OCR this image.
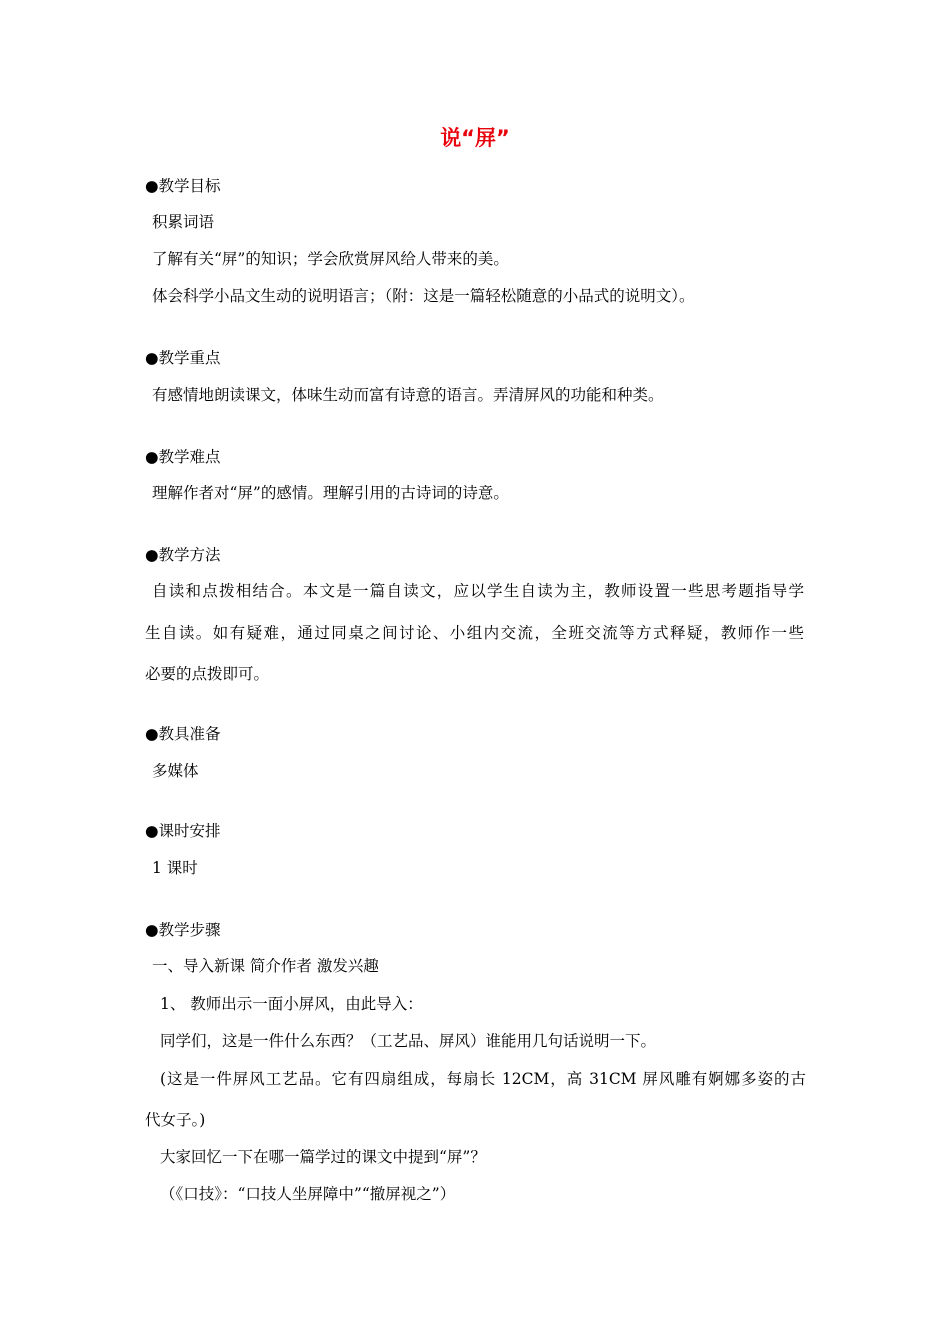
说“屏”
●教学目标
积累词语
了解有关“屏”的知识；学会欣赏屏风给人带来的美。
体会科学小品文生动的说明语言；（附：这是一篇轻松随意的小品式的说明文）。
●教学重点
有感情地朗读课文，体味生动而富有诗意的语言。弄清屏风的功能和种类。
●教学难点
理解作者对“屏”的感情。理解引用的古诗词的诗意。
●教学方法
自读和点拨相结合。本文是一篇自读文，应以学生自读为主，教师设置一些思考题指导学
生自读。如有疑难，通过同桌之间讨论、小组内交流，全班交流等方式释疑，教师作一些
必要的点拨即可。
●教具准备
多媒体
●课时安排
1 课时
●教学步骤
一、导入新课 简介作者 激发兴趣
1、 教师出示一面小屏风，由此导入：
同学们，这是一件什么东西？（工艺品、屏风）谁能用几句话说明一下。
(这是一件屏风工艺品。它有四扇组成，每扇长 12CM，高 31CM 屏风雕有婀娜多姿的古
代女子。)
大家回忆一下在哪一篇学过的课文中提到“屏”？
（《口技》：“口技人坐屏障中”“撤屏视之”）
